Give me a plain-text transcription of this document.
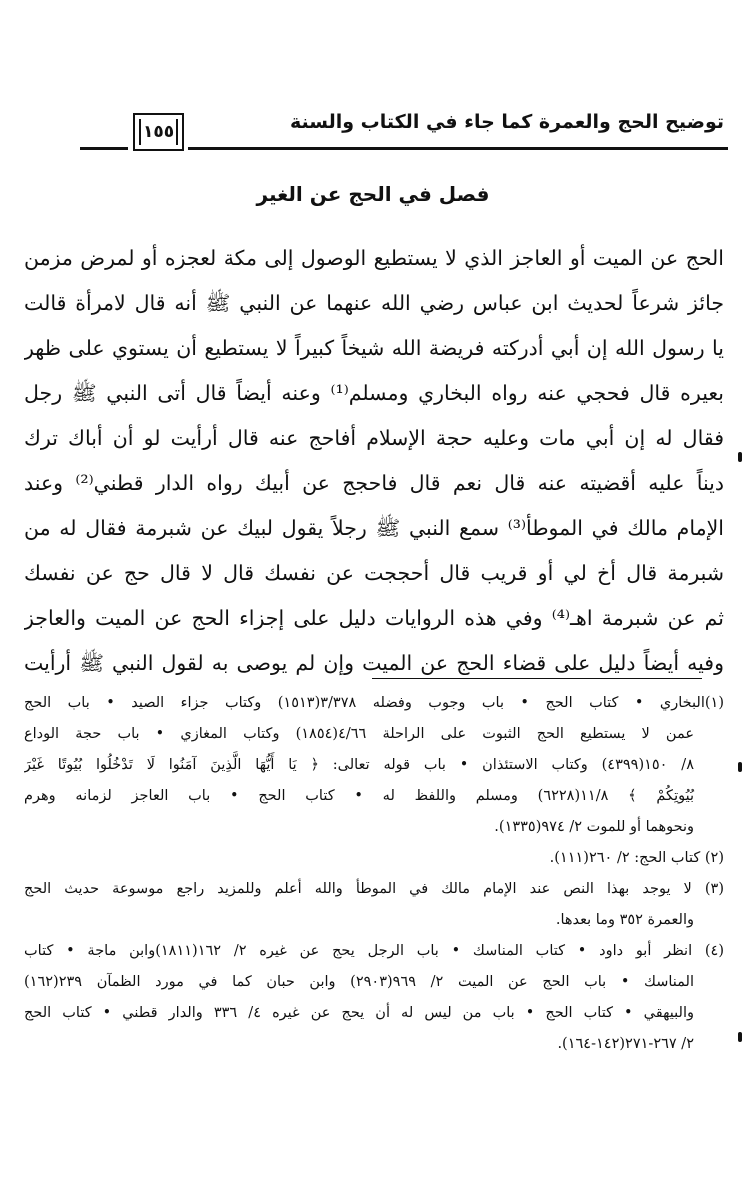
توضيح الحج والعمرة كما جاء في الكتاب والسنة
١٥٥
فصل في الحج عن الغير
الحج عن الميت أو العاجز الذي لا يستطيع الوصول إلى مكة لعجزه أو لمرض مزمن
جائز شرعاً لحديث ابن عباس رضي الله عنهما عن النبي ﷺ أنه قال لامرأة قالت
يا رسول الله إن أبي أدركته فريضة الله شيخاً كبيراً لا يستطيع أن يستوي على ظهر
بعيره قال فحجي عنه رواه البخاري ومسلم⁽¹⁾ وعنه أيضاً قال أتى النبي ﷺ رجل
فقال له إن أبي مات وعليه حجة الإسلام أفاحج عنه قال أرأيت لو أن أباك ترك
ديناً عليه أقضيته عنه قال نعم قال فاحجج عن أبيك رواه الدار قطني⁽²⁾ وعند
الإمام مالك في الموطأ⁽³⁾ سمع النبي ﷺ رجلاً يقول لبيك عن شبرمة فقال له من
شبرمة قال أخ لي أو قريب قال أحججت عن نفسك قال لا قال حج عن نفسك
ثم عن شبرمة اهـ⁽⁴⁾ وفي هذه الروايات دليل على إجزاء الحج عن الميت والعاجز
وفيه أيضاً دليل على قضاء الحج عن الميت وإن لم يوصى به لقول النبي ﷺ أرأيت
(١)البخاري • كتاب الحج • باب وجوب وفضله ٣/٣٧٨(١٥١٣) وكتاب جزاء الصيد • باب الحج
عمن لا يستطيع الحج الثبوت على الراحلة ٤/٦٦(١٨٥٤) وكتاب المغازي • باب حجة الوداع
٨/ ١٥٠(٤٣٩٩) وكتاب الاستئذان • باب قوله تعالى: ﴿ يَا أَيُّهَا الَّذِينَ آمَنُوا لَا تَدْخُلُوا بُيُوتًا غَيْرَ
بُيُوتِكُمْ ﴾ ١١/٨(٦٢٢٨) ومسلم واللفظ له • كتاب الحج • باب العاجز لزمانه وهرم
ونحوهما أو للموت ٢/ ٩٧٤(١٣٣٥).
(٢) كتاب الحج: ٢/ ٢٦٠(١١١).
(٣) لا يوجد بهذا النص عند الإمام مالك في الموطأ والله أعلم وللمزيد راجع موسوعة حديث الحج
والعمرة ٣٥٢ وما بعدها.
(٤) انظر أبو داود • كتاب المناسك • باب الرجل يحج عن غيره ٢/ ١٦٢(١٨١١)وابن ماجة • كتاب
المناسك • باب الحج عن الميت ٢/ ٩٦٩(٢٩٠٣) وابن حبان كما في مورد الظمآن ٢٣٩(١٦٢)
والبيهقي • كتاب الحج • باب من ليس له أن يحج عن غيره ٤/ ٣٣٦ والدار قطني • كتاب الحج
٢/ ٢٦٧-٢٧١(١٤٢-١٦٤).
